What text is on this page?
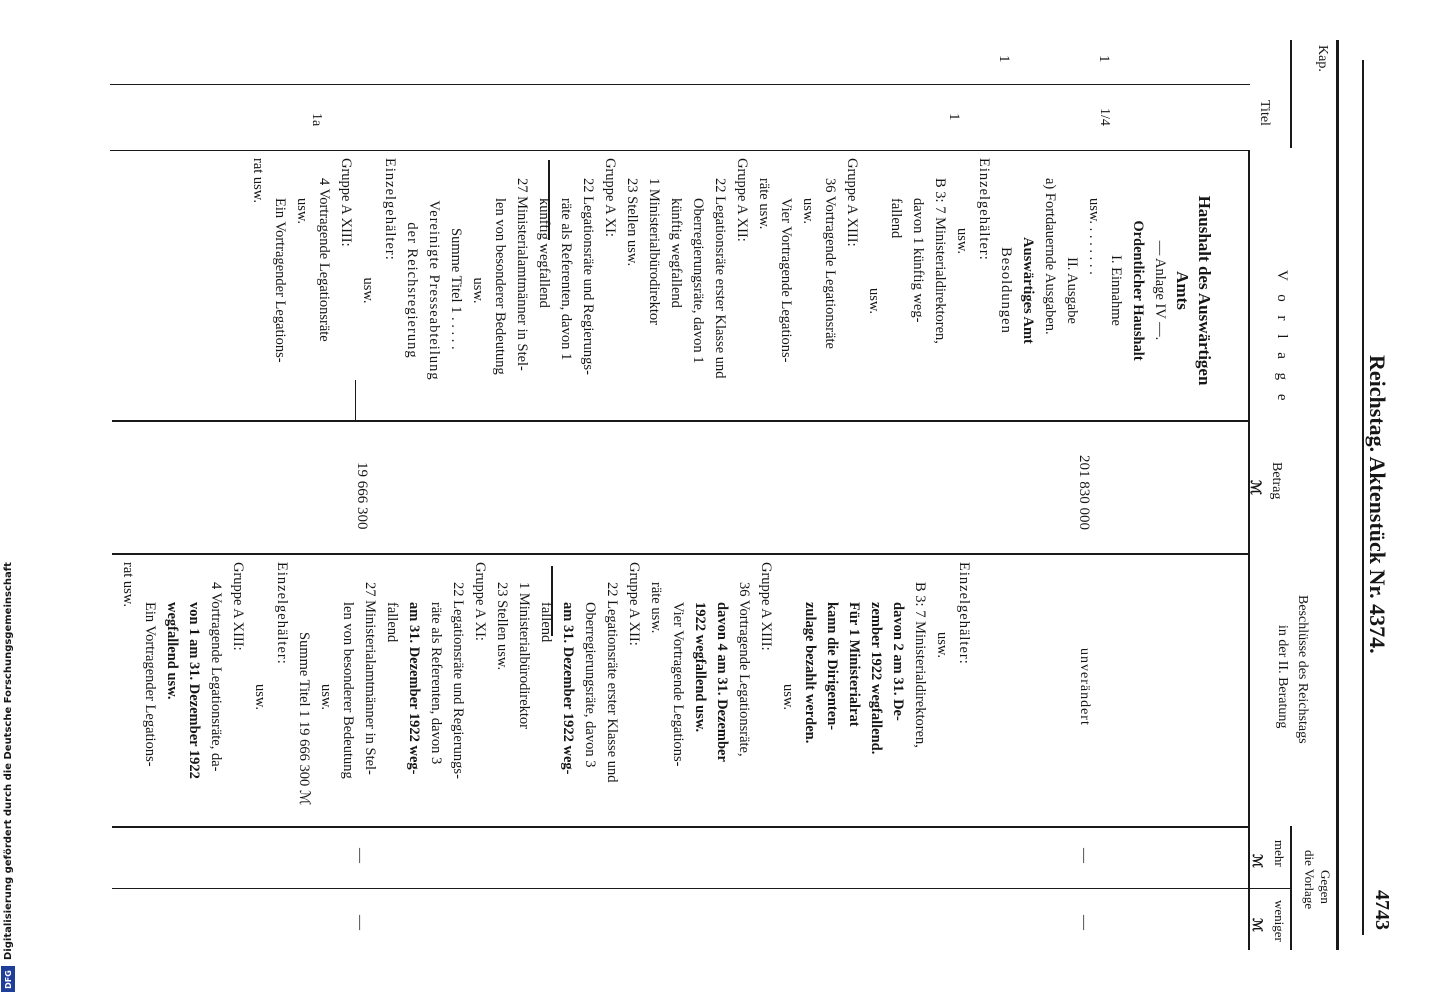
4743
Reichstag. Aktenstück Nr. 4374.
Kap.
Titel
V o r l a g e
Betrag
ℳ
Beschlüsse des Reichstags
in der II. Beratung
Gegen
die Vorlage
mehr
weniger
ℳ
ℳ
1
1
1/4
1
1a
Haushalt des Auswärtigen
Amts
— Anlage IV —.
Ordentlicher Haushalt
I. Einnahme
usw. . . . . . . .
II. Ausgabe
a) Fortdauernde Ausgaben.
Auswärtiges Amt
Besoldungen
Einzelgehälter:
usw.
B 3: 7 Ministerialdirektoren,
davon 1 künftig weg-
fallend
usw.
Gruppe A XIII:
36 Vortragende Legationsräte
usw.
Vier Vortragende Legations-
räte usw.
Gruppe A XII:
22 Legationsräte erster Klasse und
Oberregierungsräte, davon 1
künftig wegfallend
1 Ministerialbürodirektor
23 Stellen usw.
Gruppe A XI:
22 Legationsräte und Regierungs-
räte als Referenten, davon 1
künftig wegfallend
27 Ministerialamtmänner in Stel-
len von besonderer Bedeutung
usw.
Summe Titel 1 . . . . .
Vereinigte Presseabteilung
der Reichsregierung
Einzelgehälter:
usw.
Gruppe A XIII:
4 Vortragende Legationsräte
usw.
Ein Vortragender Legations-
rat usw.
201 830 000
19 666 300
unverändert
Einzelgehälter:
usw.
B 3: 7 Ministerialdirektoren,
davon 2 am 31. De-
zember 1922 wegfallend.
Für 1 Ministerialrat
kann die Dirigenten-
zulage bezahlt werden.
usw.
Gruppe A XIII:
36 Vortragende Legationsräte,
davon 4 am 31. Dezember
1922 wegfallend usw.
Vier Vortragende Legations-
räte usw.
Gruppe A XII:
22 Legationsräte erster Klasse und
Oberregierungsräte, davon 3
am 31. Dezember 1922 weg-
fallend
1 Ministerialbürodirektor
23 Stellen usw.
Gruppe A XI:
22 Legationsräte und Regierungs-
räte als Referenten, davon 3
am 31. Dezember 1922 weg-
fallend
27 Ministerialamtmänner in Stel-
len von besonderer Bedeutung
usw.
Summe Titel 1 19 666 300 ℳ
Einzelgehälter:
usw.
Gruppe A XIII:
4 Vortragende Legationsräte, da-
von 1 am 31. Dezember 1922
wegfallend usw.
Ein Vortragender Legations-
rat usw.
—
—
—
—
Digitalisierung gefördert durch die Deutsche Forschungsgemeinschaft
DFG
